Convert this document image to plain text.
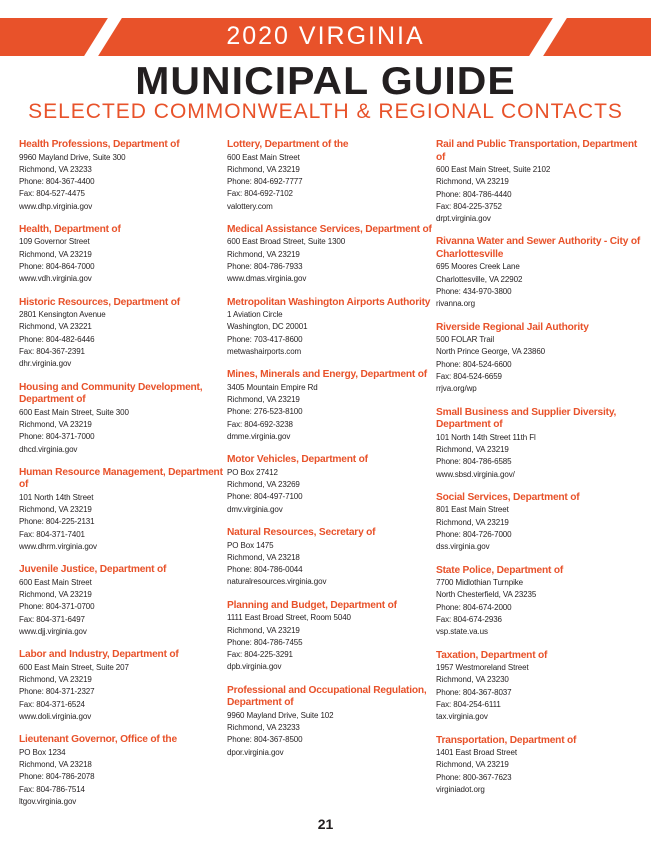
2020 VIRGINIA
MUNICIPAL GUIDE
SELECTED COMMONWEALTH & REGIONAL CONTACTS
Health Professions, Department of
9960 Mayland Drive, Suite 300
Richmond, VA 23233
Phone: 804-367-4400
Fax: 804-527-4475
www.dhp.virginia.gov
Health, Department of
109 Governor Street
Richmond, VA 23219
Phone: 804-864-7000
www.vdh.virginia.gov
Historic Resources, Department of
2801 Kensington Avenue
Richmond, VA 23221
Phone: 804-482-6446
Fax: 804-367-2391
dhr.virginia.gov
Housing and Community Development, Department of
600 East Main Street, Suite 300
Richmond, VA 23219
Phone: 804-371-7000
dhcd.virginia.gov
Human Resource Management, Department of
101 North 14th Street
Richmond, VA 23219
Phone: 804-225-2131
Fax: 804-371-7401
www.dhrm.virginia.gov
Juvenile Justice, Department of
600 East Main Street
Richmond, VA 23219
Phone: 804-371-0700
Fax: 804-371-6497
www.djj.virginia.gov
Labor and Industry, Department of
600 East Main Street, Suite 207
Richmond, VA 23219
Phone: 804-371-2327
Fax: 804-371-6524
www.doli.virginia.gov
Lieutenant Governor, Office of the
PO Box 1234
Richmond, VA 23218
Phone: 804-786-2078
Fax: 804-786-7514
ltgov.virginia.gov
Lottery, Department of the
600 East Main Street
Richmond, VA 23219
Phone: 804-692-7777
Fax: 804-692-7102
valottery.com
Medical Assistance Services, Department of
600 East Broad Street, Suite 1300
Richmond, VA 23219
Phone: 804-786-7933
www.dmas.virginia.gov
Metropolitan Washington Airports Authority
1 Aviation Circle
Washington, DC 20001
Phone: 703-417-8600
metwashairports.com
Mines, Minerals and Energy, Department of
3405 Mountain Empire Rd
Richmond, VA 23219
Phone: 276-523-8100
Fax: 804-692-3238
dmme.virginia.gov
Motor Vehicles, Department of
PO Box 27412
Richmond, VA 23269
Phone: 804-497-7100
dmv.virginia.gov
Natural Resources, Secretary of
PO Box 1475
Richmond, VA 23218
Phone: 804-786-0044
naturalresources.virginia.gov
Planning and Budget, Department of
1111 East Broad Street, Room 5040
Richmond, VA 23219
Phone: 804-786-7455
Fax: 804-225-3291
dpb.virginia.gov
Professional and Occupational Regulation, Department of
9960 Mayland Drive, Suite 102
Richmond, VA 23233
Phone: 804-367-8500
dpor.virginia.gov
Rail and Public Transportation, Department of
600 East Main Street, Suite 2102
Richmond, VA 23219
Phone: 804-786-4440
Fax: 804-225-3752
drpt.virginia.gov
Rivanna Water and Sewer Authority - City of Charlottesville
695 Moores Creek Lane
Charlottesville, VA 22902
Phone: 434-970-3800
rivanna.org
Riverside Regional Jail Authority
500 FOLAR Trail
North Prince George, VA 23860
Phone: 804-524-6600
Fax: 804-524-6659
rrjva.org/wp
Small Business and Supplier Diversity, Department of
101 North 14th Street 11th Fl
Richmond, VA 23219
Phone: 804-786-6585
www.sbsd.virginia.gov/
Social Services, Department of
801 East Main Street
Richmond, VA 23219
Phone: 804-726-7000
dss.virginia.gov
State Police, Department of
7700 Midlothian Turnpike
North Chesterfield, VA 23235
Phone: 804-674-2000
Fax: 804-674-2936
vsp.state.va.us
Taxation, Department of
1957 Westmoreland Street
Richmond, VA 23230
Phone: 804-367-8037
Fax: 804-254-6111
tax.virginia.gov
Transportation, Department of
1401 East Broad Street
Richmond, VA 23219
Phone: 800-367-7623
virginiadot.org
21
